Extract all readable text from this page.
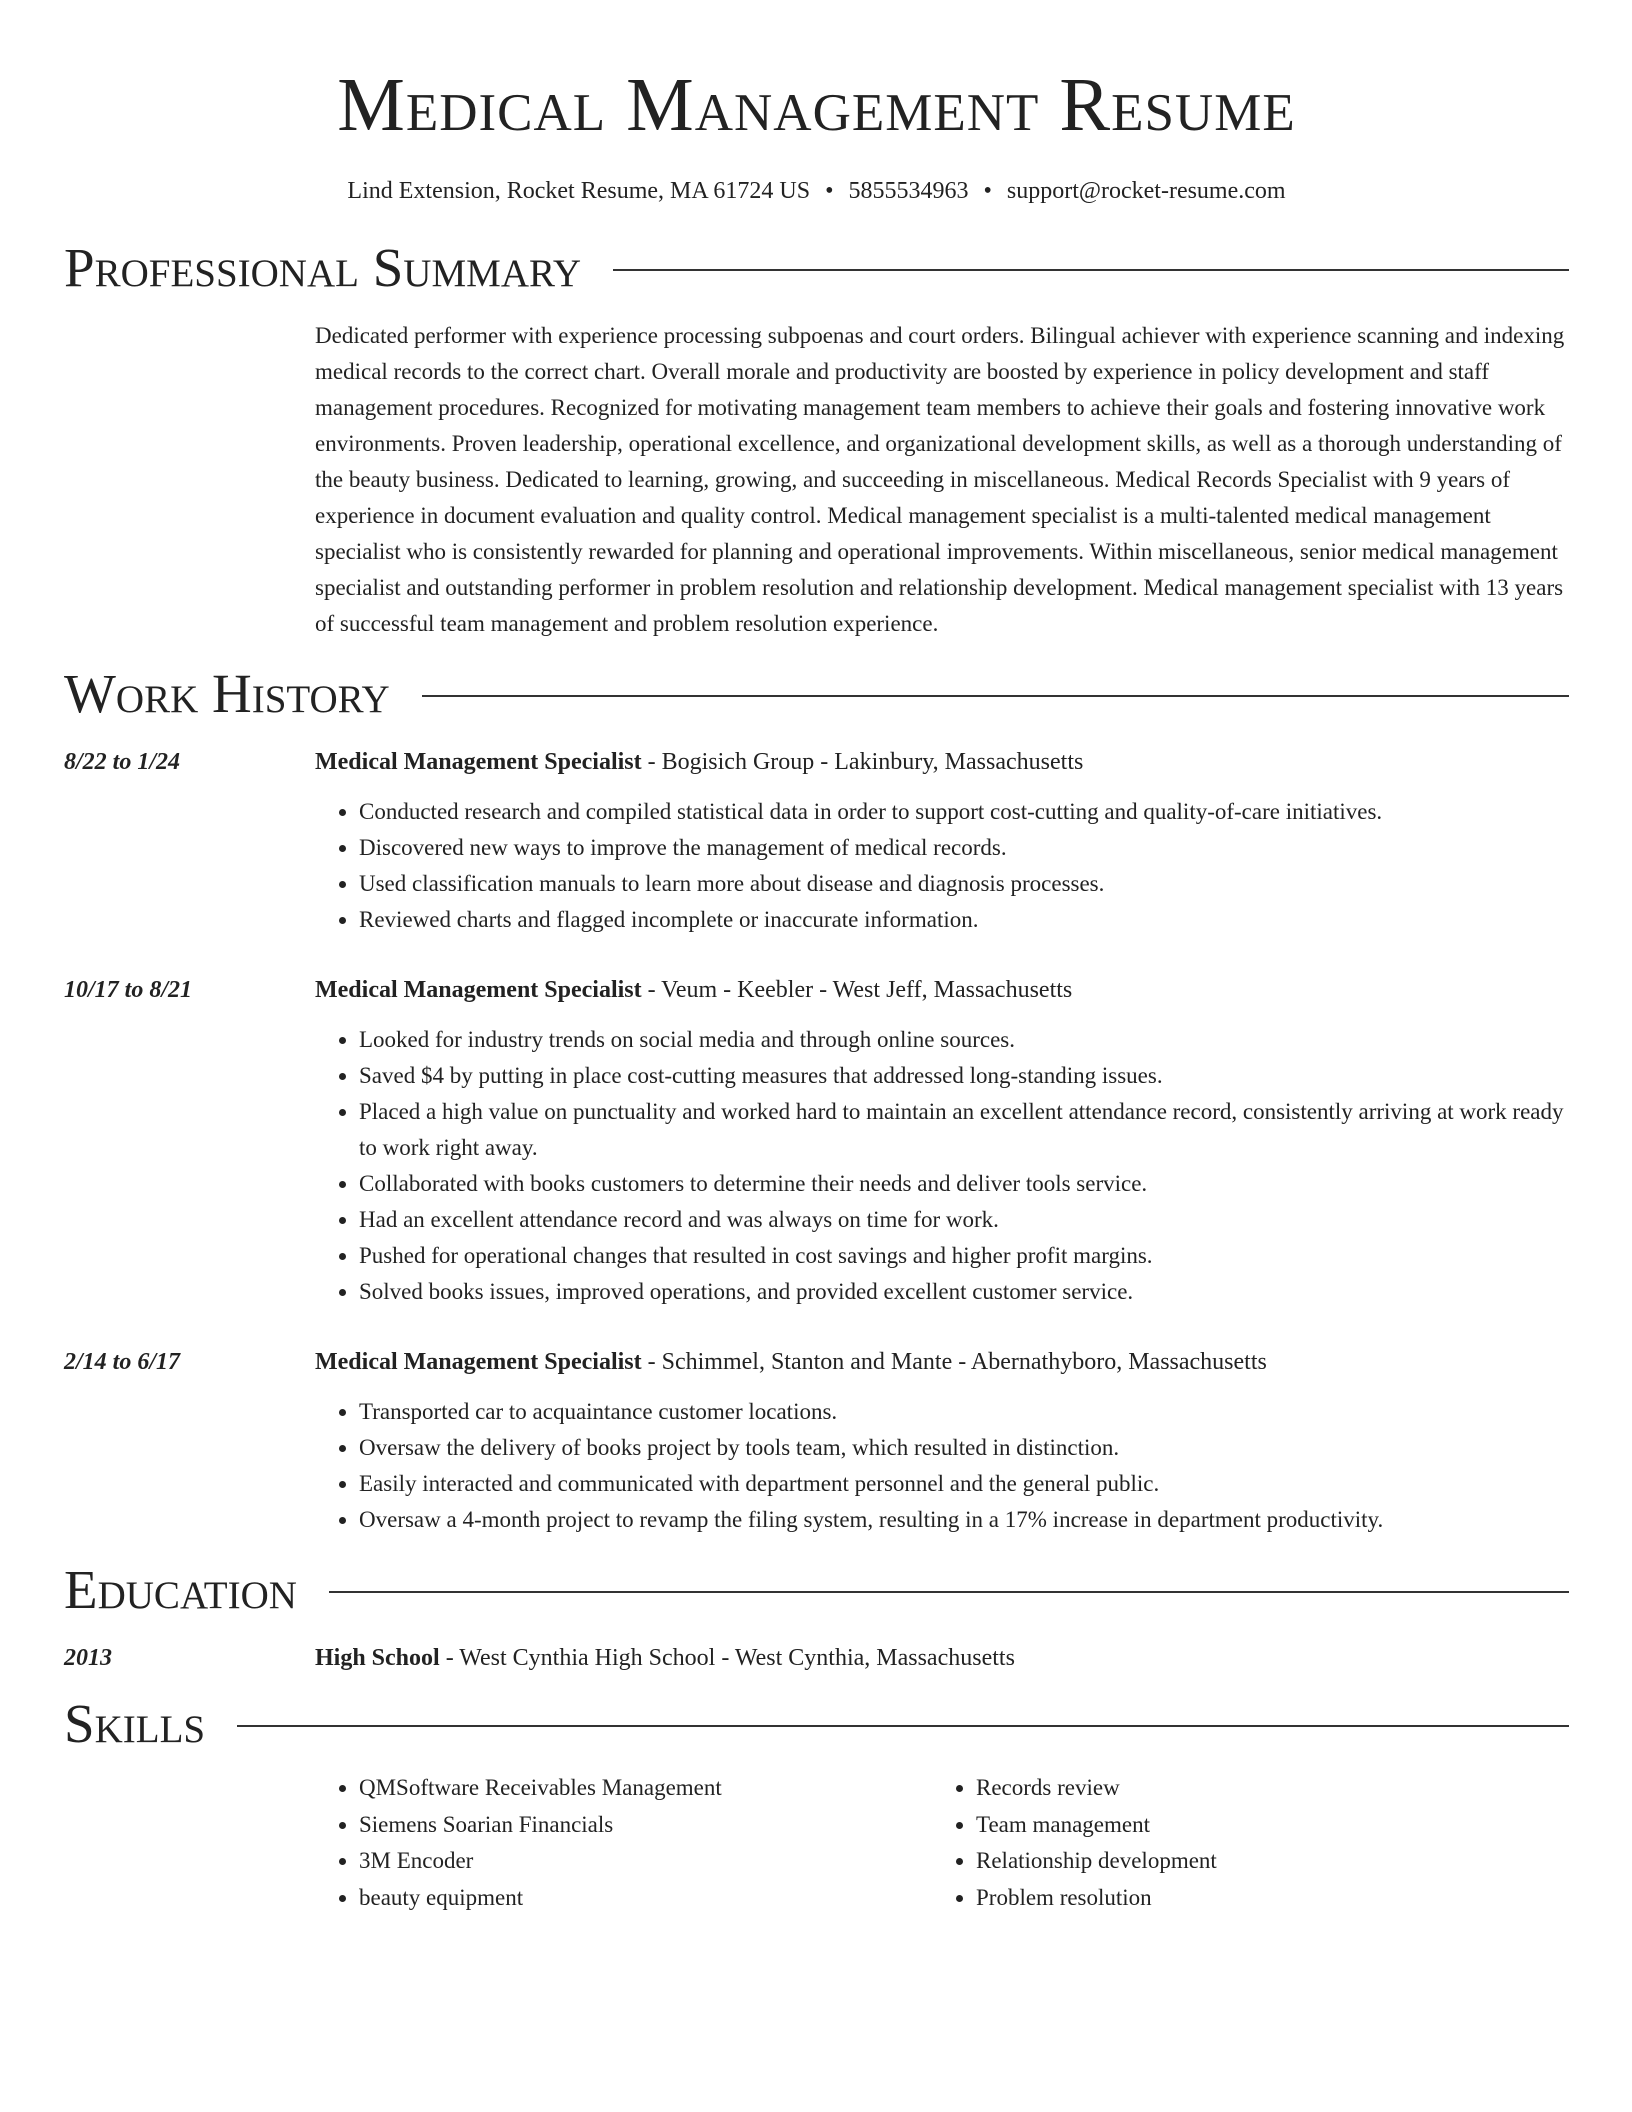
Medical Management Resume
Lind Extension, Rocket Resume, MA 61724 US • 5855534963 • support@rocket-resume.com
Professional Summary
Dedicated performer with experience processing subpoenas and court orders. Bilingual achiever with experience scanning and indexing medical records to the correct chart. Overall morale and productivity are boosted by experience in policy development and staff management procedures. Recognized for motivating management team members to achieve their goals and fostering innovative work environments. Proven leadership, operational excellence, and organizational development skills, as well as a thorough understanding of the beauty business. Dedicated to learning, growing, and succeeding in miscellaneous. Medical Records Specialist with 9 years of experience in document evaluation and quality control. Medical management specialist is a multi-talented medical management specialist who is consistently rewarded for planning and operational improvements. Within miscellaneous, senior medical management specialist and outstanding performer in problem resolution and relationship development. Medical management specialist with 13 years of successful team management and problem resolution experience.
Work History
8/22 to 1/24	Medical Management Specialist - Bogisich Group - Lakinbury, Massachusetts
• Conducted research and compiled statistical data in order to support cost-cutting and quality-of-care initiatives.
• Discovered new ways to improve the management of medical records.
• Used classification manuals to learn more about disease and diagnosis processes.
• Reviewed charts and flagged incomplete or inaccurate information.
10/17 to 8/21	Medical Management Specialist - Veum - Keebler - West Jeff, Massachusetts
• Looked for industry trends on social media and through online sources.
• Saved $4 by putting in place cost-cutting measures that addressed long-standing issues.
• Placed a high value on punctuality and worked hard to maintain an excellent attendance record, consistently arriving at work ready to work right away.
• Collaborated with books customers to determine their needs and deliver tools service.
• Had an excellent attendance record and was always on time for work.
• Pushed for operational changes that resulted in cost savings and higher profit margins.
• Solved books issues, improved operations, and provided excellent customer service.
2/14 to 6/17	Medical Management Specialist - Schimmel, Stanton and Mante - Abernathyboro, Massachusetts
• Transported car to acquaintance customer locations.
• Oversaw the delivery of books project by tools team, which resulted in distinction.
• Easily interacted and communicated with department personnel and the general public.
• Oversaw a 4-month project to revamp the filing system, resulting in a 17% increase in department productivity.
Education
2013	High School - West Cynthia High School - West Cynthia, Massachusetts
Skills
• QMSoftware Receivables Management
• Siemens Soarian Financials
• 3M Encoder
• beauty equipment
• Records review
• Team management
• Relationship development
• Problem resolution
